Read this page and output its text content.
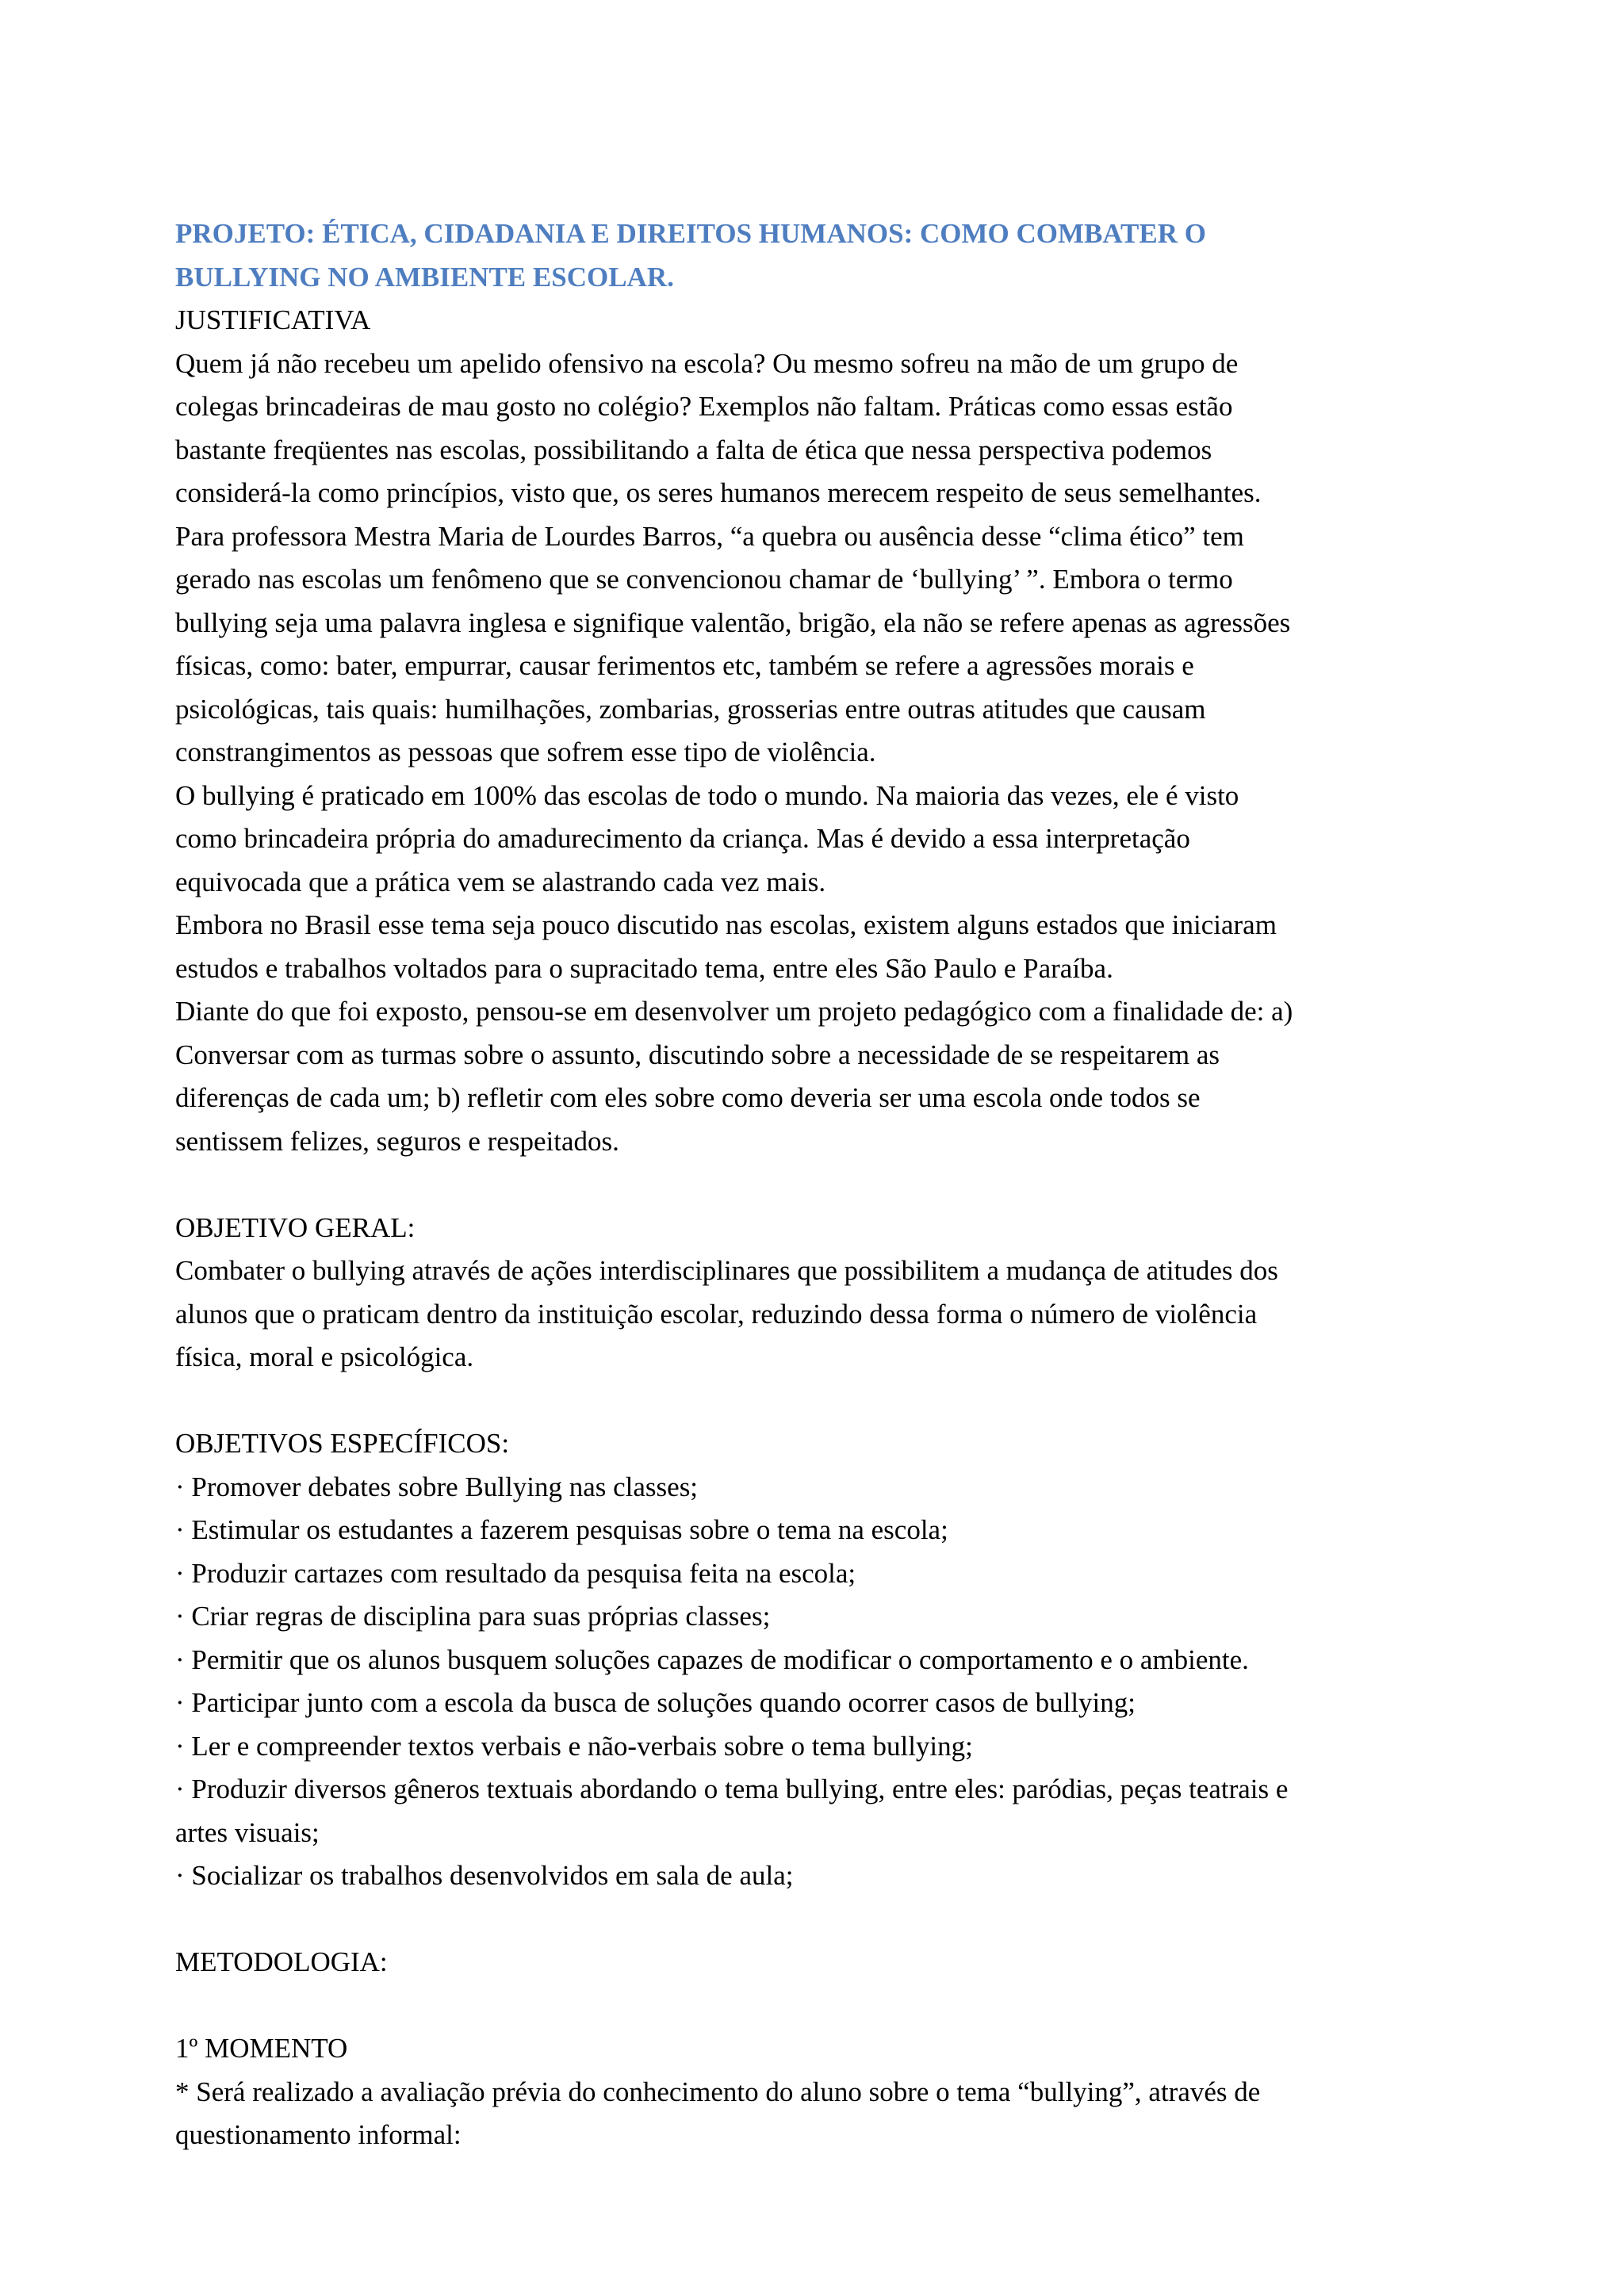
PROJETO: ÉTICA, CIDADANIA E DIREITOS HUMANOS: COMO COMBATER O
BULLYING NO AMBIENTE ESCOLAR.
JUSTIFICATIVA
Quem já não recebeu um apelido ofensivo na escola? Ou mesmo sofreu na mão de um grupo de
colegas brincadeiras de mau gosto no colégio? Exemplos não faltam. Práticas como essas estão
bastante freqüentes nas escolas, possibilitando a falta de ética que nessa perspectiva podemos
considerá-la como princípios, visto que, os seres humanos merecem respeito de seus semelhantes.
Para professora Mestra Maria de Lourdes Barros, “a quebra ou ausência desse “clima ético” tem
gerado nas escolas um fenômeno que se convencionou chamar de ‘bullying’ ”. Embora o termo
bullying seja uma palavra inglesa e signifique valentão, brigão, ela não se refere apenas as agressões
físicas, como: bater, empurrar, causar ferimentos etc, também se refere a agressões morais e
psicológicas, tais quais: humilhações, zombarias, grosserias entre outras atitudes que causam
constrangimentos as pessoas que sofrem esse tipo de violência.
O bullying é praticado em 100% das escolas de todo o mundo. Na maioria das vezes, ele é visto
como brincadeira própria do amadurecimento da criança. Mas é devido a essa interpretação
equivocada que a prática vem se alastrando cada vez mais.
Embora no Brasil esse tema seja pouco discutido nas escolas, existem alguns estados que iniciaram
estudos e trabalhos voltados para o supracitado tema, entre eles São Paulo e Paraíba.
Diante do que foi exposto, pensou-se em desenvolver um projeto pedagógico com a finalidade de: a)
Conversar com as turmas sobre o assunto, discutindo sobre a necessidade de se respeitarem as
diferenças de cada um; b) refletir com eles sobre como deveria ser uma escola onde todos se
sentissem felizes, seguros e respeitados.
OBJETIVO GERAL:
Combater o bullying através de ações interdisciplinares que possibilitem a mudança de atitudes dos
alunos que o praticam dentro da instituição escolar, reduzindo dessa forma o número de violência
física, moral e psicológica.
OBJETIVOS ESPECÍFICOS:
· Promover debates sobre Bullying nas classes;
· Estimular os estudantes a fazerem pesquisas sobre o tema na escola;
· Produzir cartazes com resultado da pesquisa feita na escola;
· Criar regras de disciplina para suas próprias classes;
· Permitir que os alunos busquem soluções capazes de modificar o comportamento e o ambiente.
· Participar junto com a escola da busca de soluções quando ocorrer casos de bullying;
· Ler e compreender textos verbais e não-verbais sobre o tema bullying;
· Produzir diversos gêneros textuais abordando o tema bullying, entre eles: paródias, peças teatrais e
artes visuais;
· Socializar os trabalhos desenvolvidos em sala de aula;
METODOLOGIA:
1º MOMENTO
* Será realizado a avaliação prévia do conhecimento do aluno sobre o tema “bullying”, através de
questionamento informal:
